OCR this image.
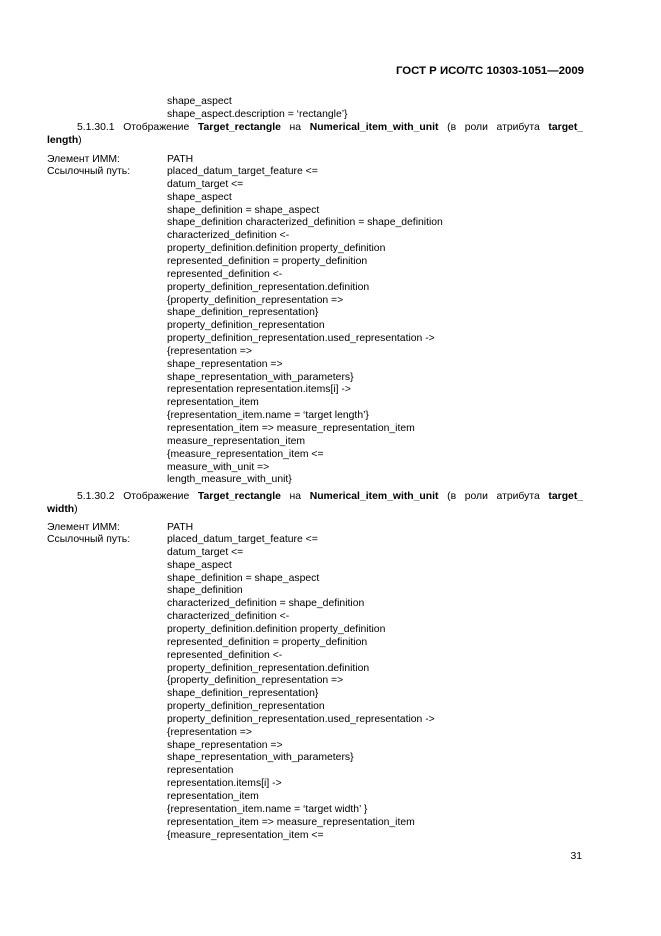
ГОСТ Р ИСО/ТС 10303-1051—2009
shape_aspect
shape_aspect.description = ‘rectangle’}
5.1.30.1 Отображение Target_rectangle на Numerical_item_with_unit (в роли атрибута target_
length)
Элемент ИММ:	PATH
Ссылочный путь:	placed_datum_target_feature <=
datum_target <=
shape_aspect
shape_definition = shape_aspect
shape_definition characterized_definition = shape_definition
characterized_definition <-
property_definition.definition property_definition
represented_definition = property_definition
represented_definition <-
property_definition_representation.definition
{property_definition_representation =>
shape_definition_representation}
property_definition_representation
property_definition_representation.used_representation ->
{representation =>
shape_representation =>
shape_representation_with_parameters}
representation representation.items[i] ->
representation_item
{representation_item.name = ‘target length’}
representation_item => measure_representation_item
measure_representation_item
{measure_representation_item <=
measure_with_unit =>
length_measure_with_unit}
5.1.30.2 Отображение Target_rectangle на Numerical_item_with_unit (в роли атрибута target_
width)
Элемент ИММ:	PATH
Ссылочный путь:	placed_datum_target_feature <=
datum_target <=
shape_aspect
shape_definition = shape_aspect
shape_definition
characterized_definition = shape_definition
characterized_definition <-
property_definition.definition property_definition
represented_definition = property_definition
represented_definition <-
property_definition_representation.definition
{property_definition_representation =>
shape_definition_representation}
property_definition_representation
property_definition_representation.used_representation ->
{representation =>
shape_representation =>
shape_representation_with_parameters}
representation
representation.items[i] ->
representation_item
{representation_item.name = ‘target width’ }
representation_item => measure_representation_item
{measure_representation_item <=
31
